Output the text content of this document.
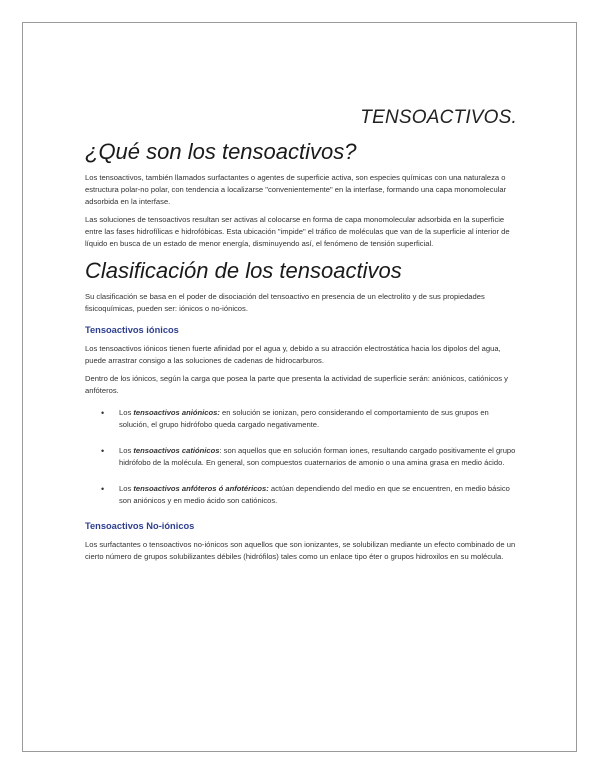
TENSOACTIVOS.
¿Qué son los tensoactivos?

Los tensoactivos, también llamados surfactantes o agentes de superficie activa, son especies químicas con una naturaleza o estructura polar-no polar, con tendencia a localizarse "convenientemente" en la interfase, formando una capa monomolecular adsorbida en la interfase.

Las soluciones de tensoactivos resultan ser activas al colocarse en forma de capa monomolecular adsorbida en la superficie entre las fases hidrofílicas e hidrofóbicas. Esta ubicación "impide" el tráfico de moléculas que van de la superficie al interior de líquido en busca de un estado de menor energía, disminuyendo así, el fenómeno de tensión superficial.

Clasificación de los tensoactivos

Su clasificación se basa en el poder de disociación del tensoactivo en presencia de un electrolito y de sus propiedades fisicoquímicas, pueden ser: iónicos o no-iónicos.

Tensoactivos iónicos

Los tensoactivos iónicos tienen fuerte afinidad por el agua y, debido a su atracción electrostática hacia los dipolos del agua, puede arrastrar consigo a las soluciones de cadenas de hidrocarburos.

Dentro de los iónicos, según la carga que posea la parte que presenta la actividad de superficie serán: aniónicos, catiónicos y anfóteros.

• Los tensoactivos aniónicos: en solución se ionizan, pero considerando el comportamiento de sus grupos en solución, el grupo hidrófobo queda cargado negativamente.
• Los tensoactivos catiónicos: son aquellos que en solución forman iones, resultando cargado positivamente el grupo hidrófobo de la molécula. En general, son compuestos cuaternarios de amonio o una amina grasa en medio ácido.
• Los tensoactivos anfóteros ó anfotéricos: actúan dependiendo del medio en que se encuentren, en medio básico son aniónicos y en medio ácido son catiónicos.
Tensoactivos No-iónicos

Los surfactantes o tensoactivos no-iónicos son aquellos que son ionizantes, se solubilizan mediante un efecto combinado de un cierto número de grupos solubilizantes débiles (hidrófilos) tales como un enlace tipo éter o grupos hidroxilos en su molécula.
